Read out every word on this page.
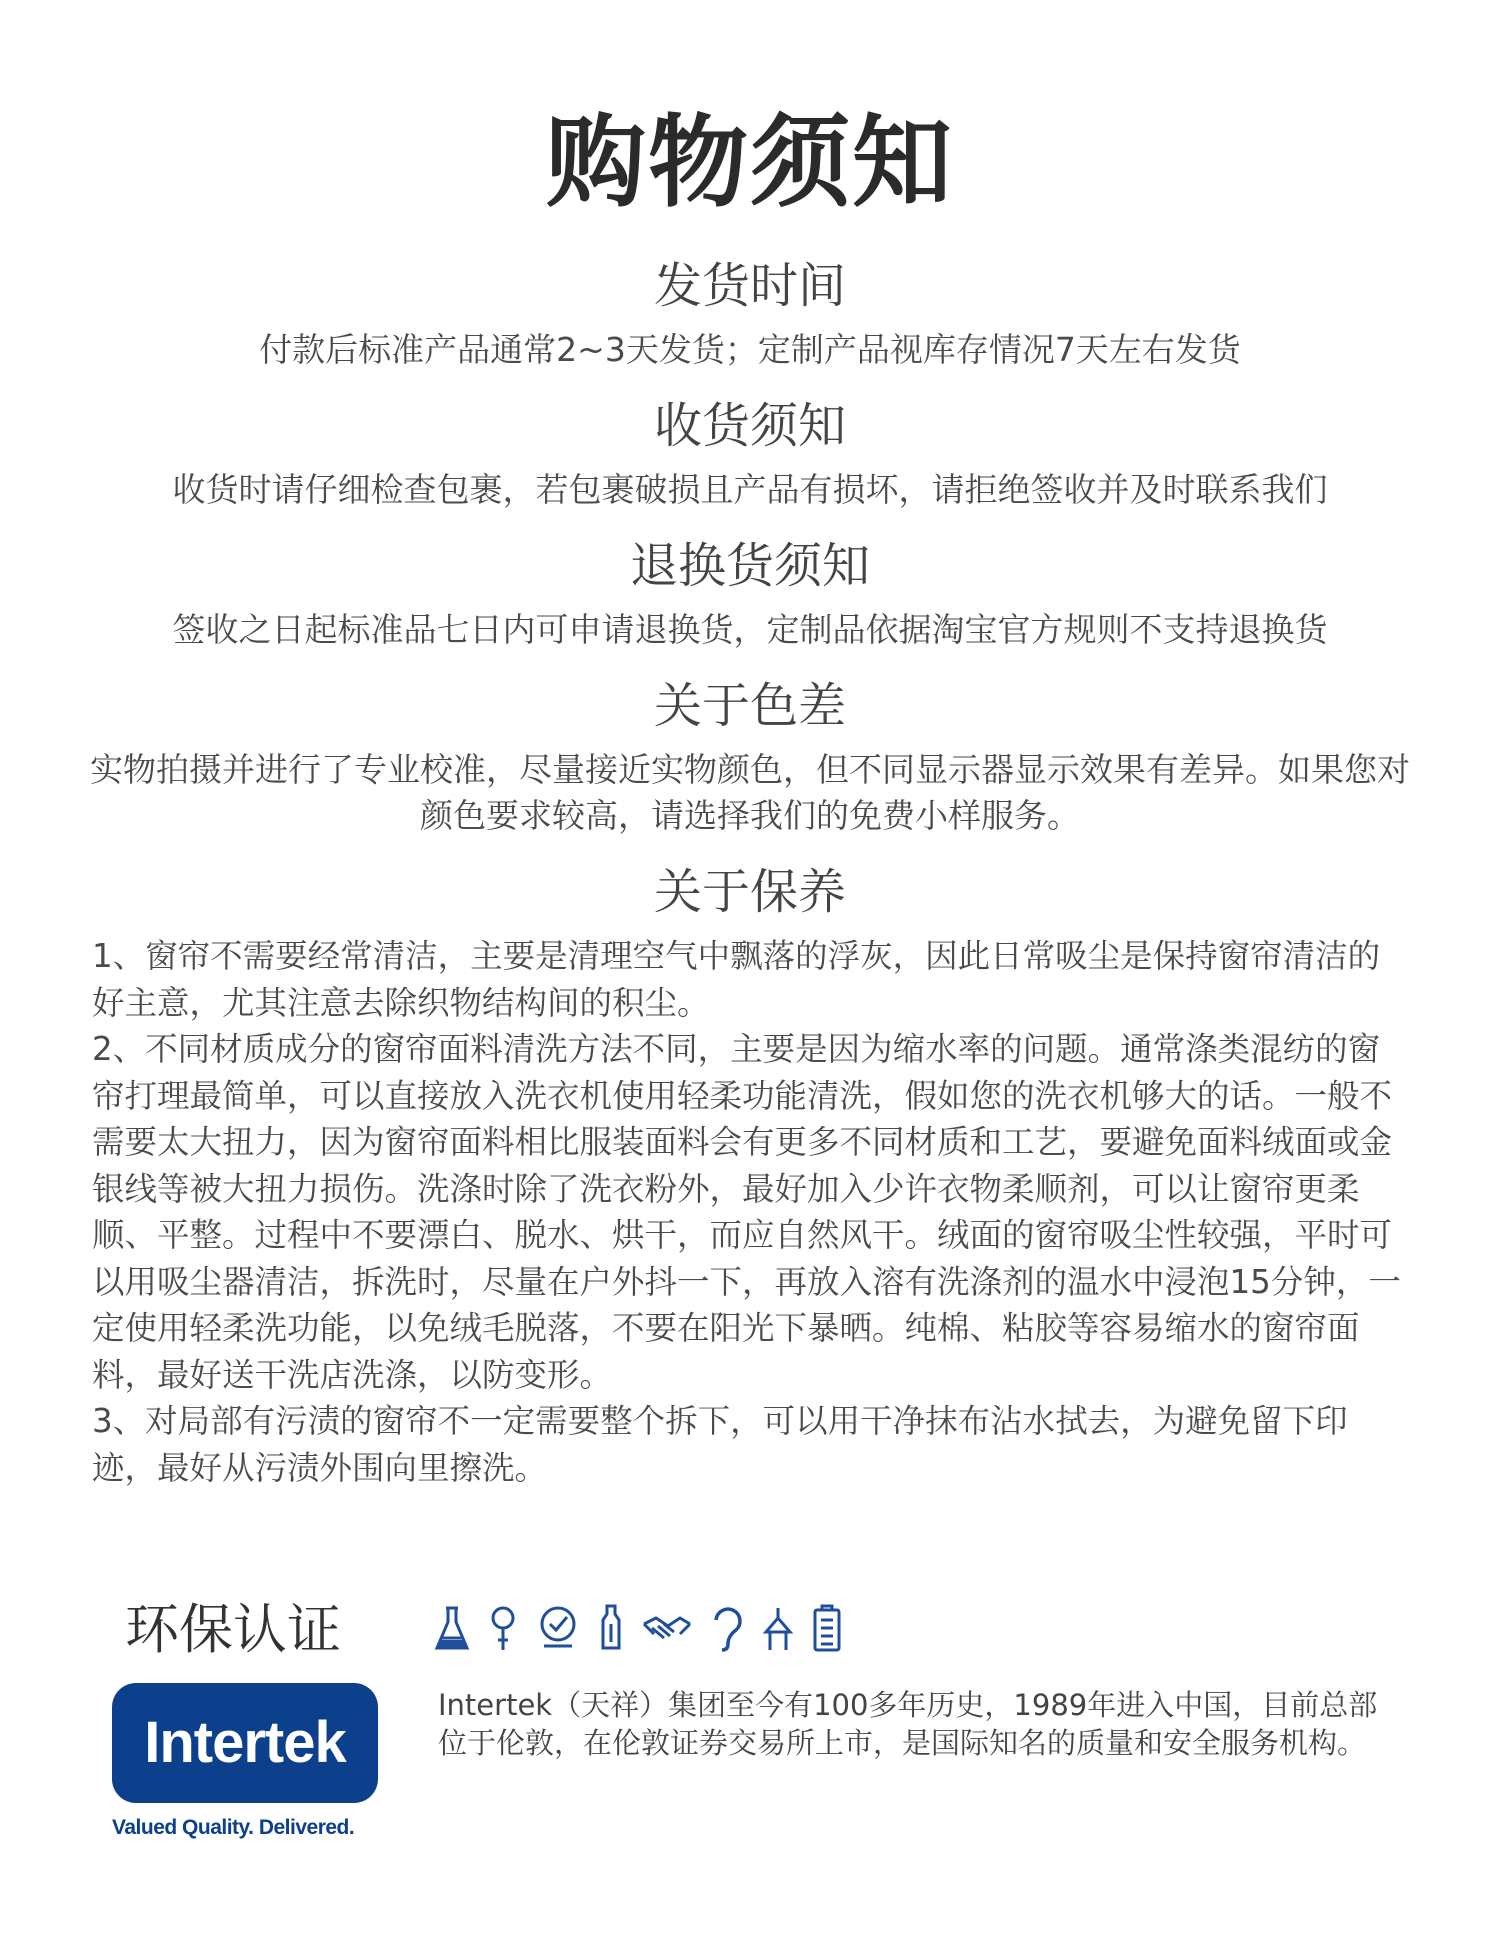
购物须知
发货时间
付款后标准产品通常2~3天发货；定制产品视库存情况7天左右发货
收货须知
收货时请仔细检查包裹，若包裹破损且产品有损坏，请拒绝签收并及时联系我们
退换货须知
签收之日起标准品七日内可申请退换货，定制品依据淘宝官方规则不支持退换货
关于色差
实物拍摄并进行了专业校准，尽量接近实物颜色，但不同显示器显示效果有差异。如果您对颜色要求较高，请选择我们的免费小样服务。
关于保养

1、窗帘不需要经常清洁，主要是清理空气中飘落的浮灰，因此日常吸尘是保持窗帘清洁的好主意，尤其注意去除织物结构间的积尘。

2、不同材质成分的窗帘面料清洗方法不同，主要是因为缩水率的问题。通常涤类混纺的窗帘打理最简单，可以直接放入洗衣机使用轻柔功能清洗，假如您的洗衣机够大的话。一般不需要太大扭力，因为窗帘面料相比服装面料会有更多不同材质和工艺，要避免面料绒面或金银线等被大扭力损伤。洗涤时除了洗衣粉外，最好加入少许衣物柔顺剂，可以让窗帘更柔顺、平整。过程中不要漂白、脱水、烘干，而应自然风干。绒面的窗帘吸尘性较强，平时可以用吸尘器清洁，拆洗时，尽量在户外抖一下，再放入溶有洗涤剂的温水中浸泡15分钟，一定使用轻柔洗功能，以免绒毛脱落，不要在阳光下暴晒。纯棉、粘胶等容易缩水的窗帘面料，最好送干洗店洗涤，以防变形。

3、对局部有污渍的窗帘不一定需要整个拆下，可以用干净抹布沾水拭去，为避免留下印迹，最好从污渍外围向里擦洗。

环保认证
Intertek
Valued Quality. Delivered.
Intertek（天祥）集团至今有100多年历史，1989年进入中国，目前总部位于伦敦，在伦敦证券交易所上市，是国际知名的质量和安全服务机构。
